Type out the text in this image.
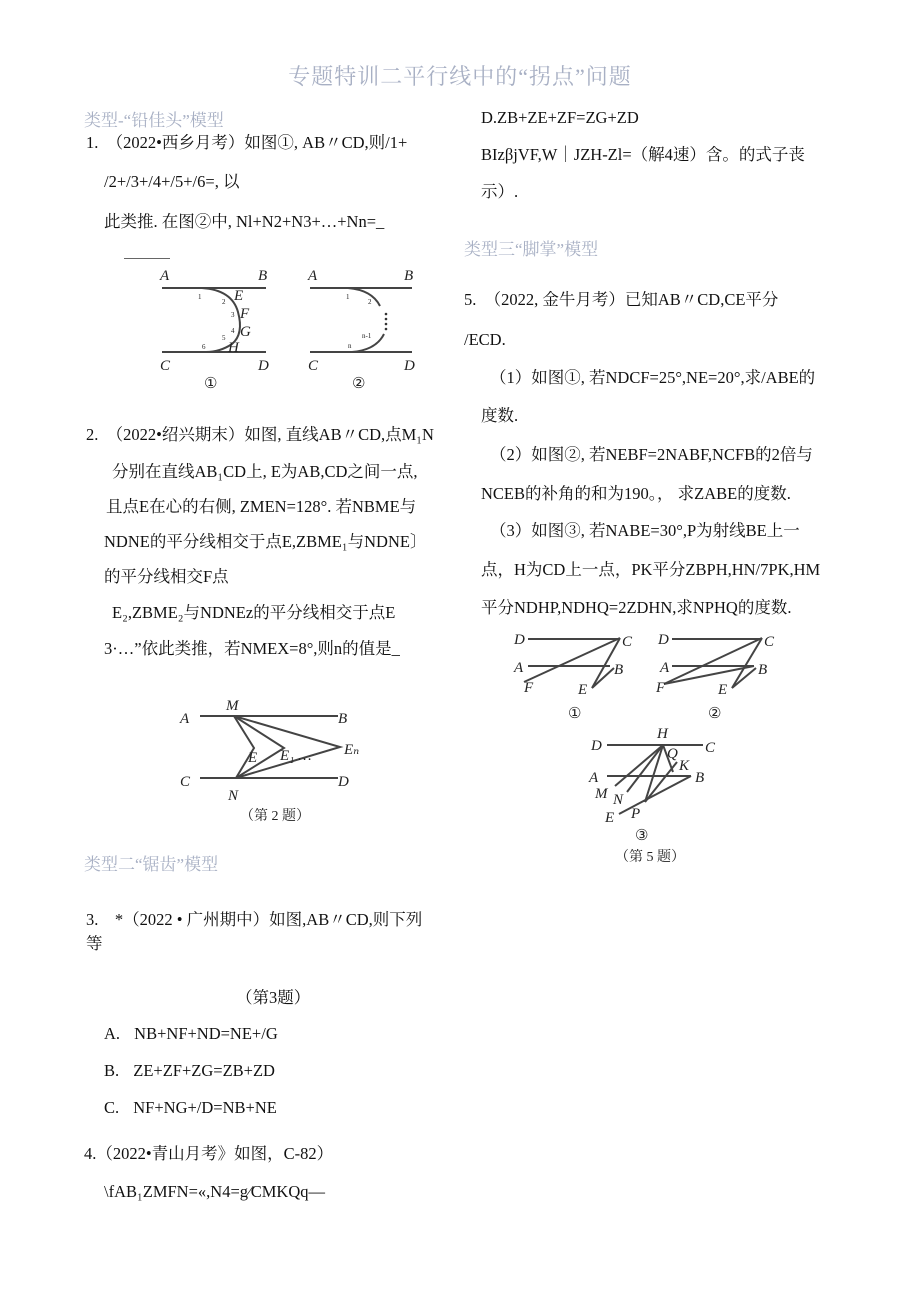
专题特训二平行线中的“拐点”问题
类型-“铅佳头”模型
1.　（2022•西乡月考）如图①, AB〃CD,则/1+
/2+/3+/4+/5+/6=, 以
此类推. 在图②中, Nl+N2+N3+…+Nn=_
A	B
C	D
E
F
G
H
A	B
C	D
1
2
3
4
5
6
1
2
n-1
n
①	②
2.　（2022•绍兴期末）如图, 直线AB〃CD,点M₁N
分别在直线AB₁CD上, E为AB,CD之间一点,
且点E在心的右侧, ZMEN=128°. 若NBME与
NDNE的平分线相交于点E,ZBME₁与NDNE〕
的平分线相交F点
E₂,ZBME₂与NDNEz的平分线相交于点E
3·…”依此类推，若NMEX=8°,则n的值是_
A
M
B
E E₁ … Eₙ
C
N
D
（第 2 题）
类型二“锯齿”模型
3.　*（2022 • 广州期中）如图,AB〃CD,则下列
等
（第3题）
A. NB+NF+ND=NE+/G
B. ZE+ZF+ZG=ZB+ZD
C. NF+NG+/D=NB+NE
4.（2022•青山月考》如图，C-82）
\fAB₁ZMFN=«,N4=g⁄CMKQq—
D.ZB+ZE+ZF=ZG+ZD
BIzβjVF,W｜JZH-Zl=（解4速）含。的式子丧
示）.
类型三“脚掌”模型
5.　（2022, 金牛月考）已知AB〃CD,CE平分
/ECD.
（1）如图①, 若NDCF=25°,NE=20°,求/ABE的
度数.
（2）如图②, 若NEBF=2NABF,NCFB的2倍与
NCEB的补角的和为190。， 求ZABE的度数.
（3）如图③, 若NABE=30°,P为射线BE上一
点，H为CD上一点，PK平分ZBPH,HN/7PK,HM
平分NDHP,NDHQ=2ZDHN,求NPHQ的度数.
D	C
A	B
F	E
D	C
A	B
F	E
①	②
D
H
C
Q
K
A	B
M N
E P
③
（第 5 题）
